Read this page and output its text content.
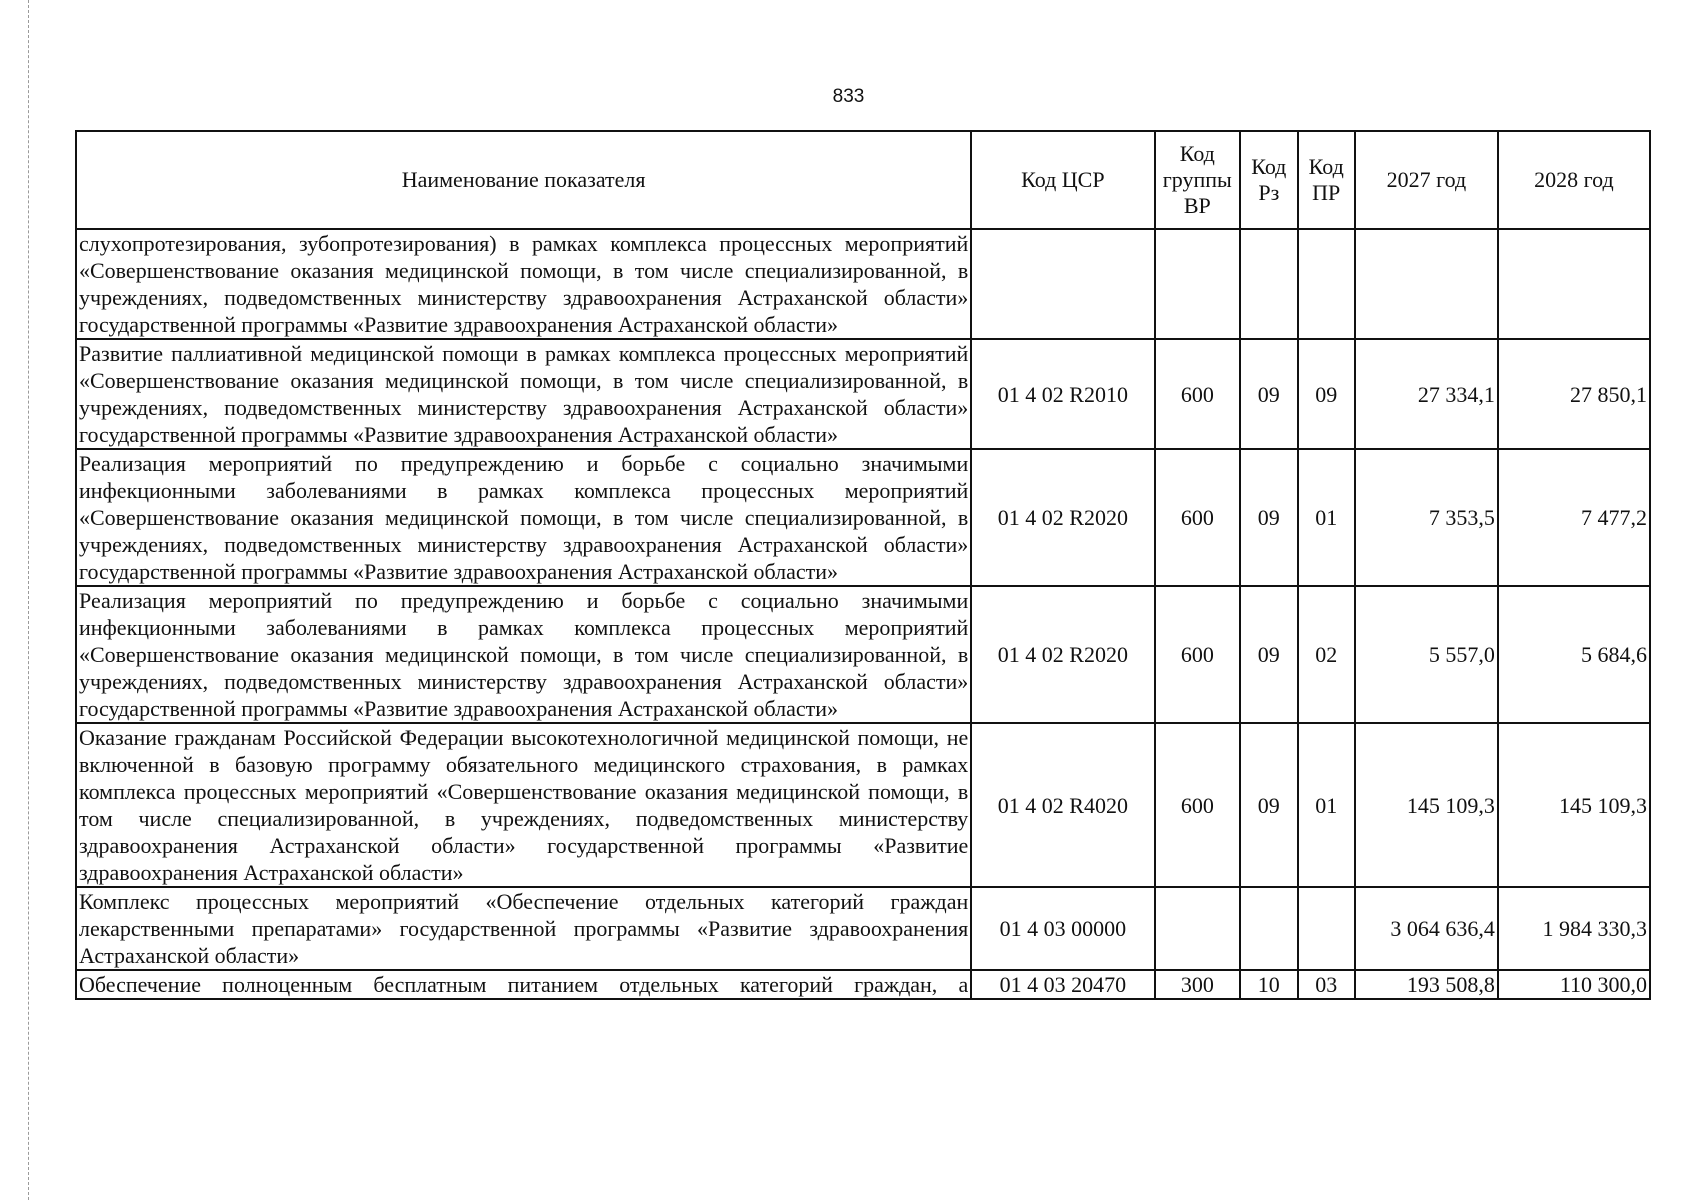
833
Наименование показателя	Код ЦСР	Код группы ВР	Код Рз	Код ПР	2027 год	2028 год
слухопротезирования, зубопротезирования) в рамках комплекса процессных мероприятий «Совершенствование оказания медицинской помощи, в том числе специализированной, в учреждениях, подведомственных министерству здравоохранения Астраханской области» государственной программы «Развитие здравоохранения Астраханской области»						
Развитие паллиативной медицинской помощи в рамках комплекса процессных мероприятий «Совершенствование оказания медицинской помощи, в том числе специализированной, в учреждениях, подведомственных министерству здравоохранения Астраханской области» государственной программы «Развитие здравоохранения Астраханской области»	01 4 02 R2010	600	09	09	27 334,1	27 850,1
Реализация мероприятий по предупреждению и борьбе с социально значимыми инфекционными заболеваниями в рамках комплекса процессных мероприятий «Совершенствование оказания медицинской помощи, в том числе специализированной, в учреждениях, подведомственных министерству здравоохранения Астраханской области» государственной программы «Развитие здравоохранения Астраханской области»	01 4 02 R2020	600	09	01	7 353,5	7 477,2
Реализация мероприятий по предупреждению и борьбе с социально значимыми инфекционными заболеваниями в рамках комплекса процессных мероприятий «Совершенствование оказания медицинской помощи, в том числе специализированной, в учреждениях, подведомственных министерству здравоохранения Астраханской области» государственной программы «Развитие здравоохранения Астраханской области»	01 4 02 R2020	600	09	02	5 557,0	5 684,6
Оказание гражданам Российской Федерации высокотехнологичной медицинской помощи, не включенной в базовую программу обязательного медицинского страхования, в рамках комплекса процессных мероприятий «Совершенствование оказания медицинской помощи, в том числе специализированной, в учреждениях, подведомственных министерству здравоохранения Астраханской области» государственной программы «Развитие здравоохранения Астраханской области»	01 4 02 R4020	600	09	01	145 109,3	145 109,3
Комплекс процессных мероприятий «Обеспечение отдельных категорий граждан лекарственными препаратами» государственной программы «Развитие здравоохранения Астраханской области»	01 4 03 00000				3 064 636,4	1 984 330,3
Обеспечение полноценным бесплатным питанием отдельных категорий граждан, а	01 4 03 20470	300	10	03	193 508,8	110 300,0
